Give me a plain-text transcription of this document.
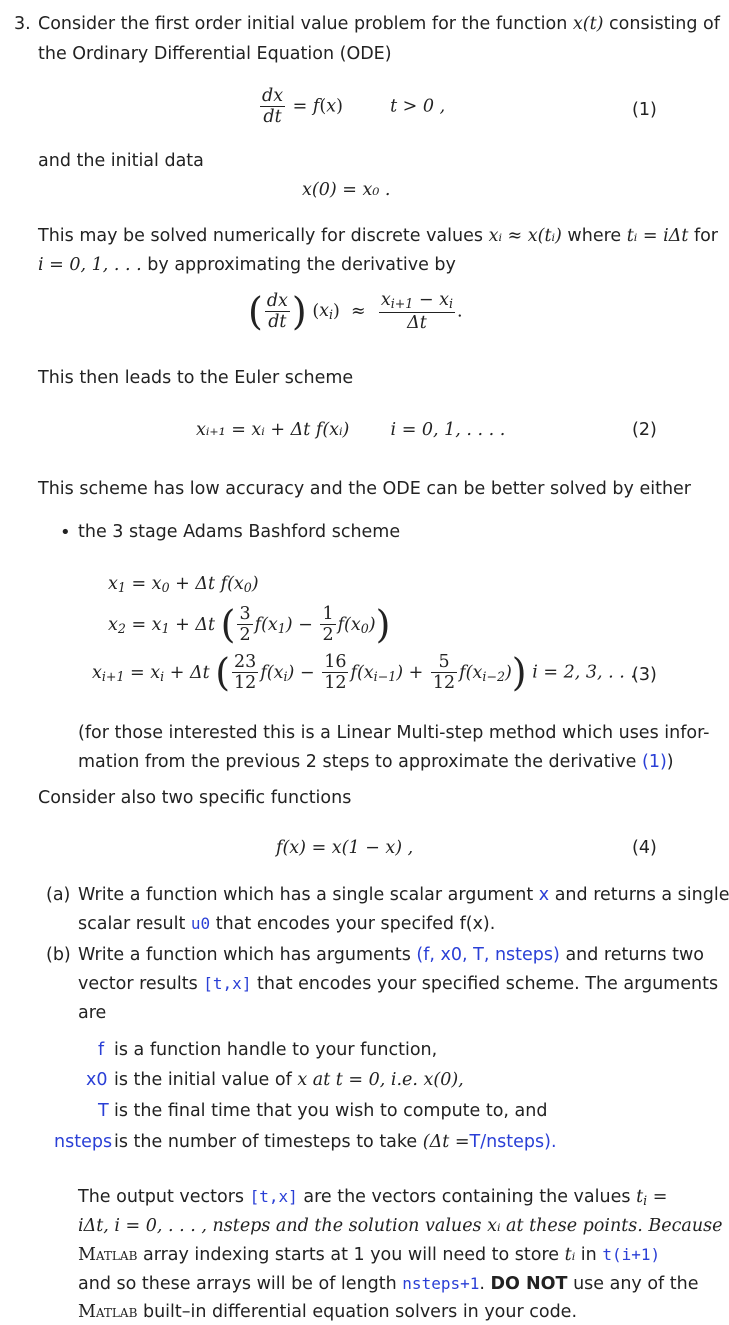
3. Consider the first order initial value problem for the function x(t) consisting of
the Ordinary Differential Equation (ODE)
$\frac{dx}{dt} = f(x)$	t > 0 ,	(1)
and the initial data
x(0) = x₀ .
This may be solved numerically for discrete values xᵢ ≈ x(tᵢ) where tᵢ = iΔt for
i = 0, 1, . . . by approximating the derivative by
( $\frac{dx}{dt}$ ) $(x_i) \approx \frac{x_{i+1} - x_i}{\Delta t}$ .
This then leads to the Euler scheme
xᵢ₊₁ = xᵢ + Δt f(xᵢ) i = 0, 1, . . . .	(2)
This scheme has low accuracy and the ODE can be better solved by either
• the 3 stage Adams Bashford scheme
$x_1 = x_0 + \Delta t$ $f(x_0)$
$x_2 = x_1 + \Delta t$ ( $\frac{3}{2} f(x_1) - \frac{1}{2} f(x_0)$)
$x_{i+1} = x_i + \Delta t$ ( $\frac{23}{12} f(x_i) - \frac{16}{12} f(x_{i-1}) + \frac{5}{12} f(x_{i-2})$) i = 2, 3, . . .
(3)
(for those interested this is a Linear Multi-step method which uses infor-
mation from the previous 2 steps to approximate the derivative (1))
Consider also two specific functions
f(x) = x(1 − x) ,	(4)
(a) Write a function which has a single scalar argument x and returns a single
scalar result u0 that encodes your specifed f(x).
(b) Write a function which has arguments (f, x0, T, nsteps) and returns two
vector results [t,x] that encodes your specified scheme. The arguments
are
f is a function handle to your function,
x0 is the initial value of x at t = 0, i.e. x(0),
T is the final time that you wish to compute to, and
nsteps is the number of timesteps to take (Δt =T/nsteps).
The output vectors [t,x] are the vectors containing the values $t_i$ =
iΔt, i = 0, . . . , nsteps and the solution values xᵢ at these points. Because
Matlab array indexing starts at 1 you will need to store tᵢ in t(i+1)
and so these arrays will be of length nsteps+1. DO NOT use any of the
Matlab built–in differential equation solvers in your code.
